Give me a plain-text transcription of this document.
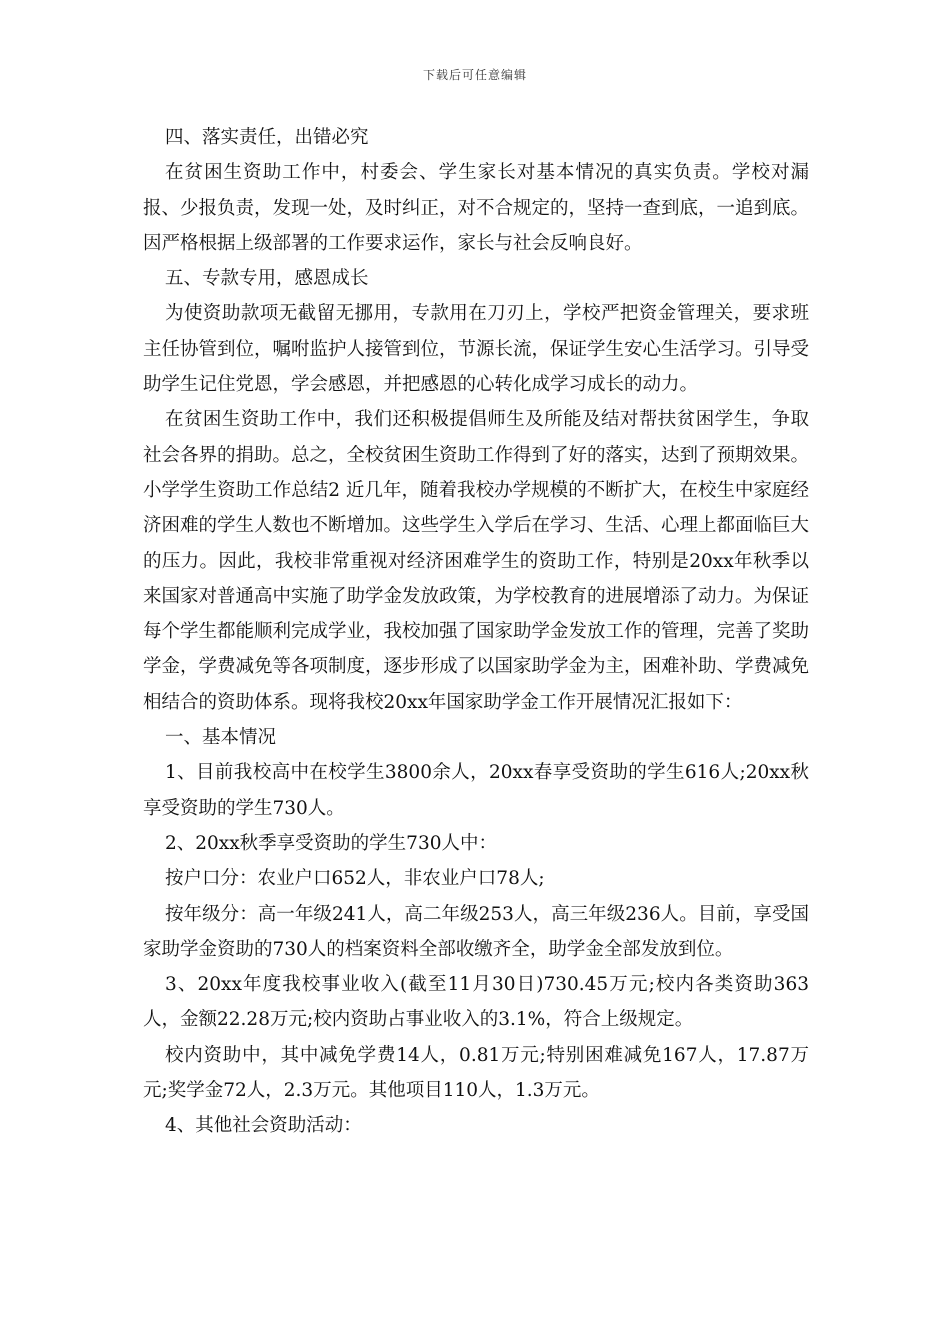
下载后可任意编辑

四、落实责任，出错必究

在贫困生资助工作中，村委会、学生家长对基本情况的真实负责。学校对漏报、少报负责，发现一处，及时纠正，对不合规定的，坚持一查到底，一追到底。因严格根据上级部署的工作要求运作，家长与社会反响良好。

五、专款专用，感恩成长

为使资助款项无截留无挪用，专款用在刀刃上，学校严把资金管理关，要求班主任协管到位，嘱咐监护人接管到位，节源长流，保证学生安心生活学习。引导受助学生记住党恩，学会感恩，并把感恩的心转化成学习成长的动力。

在贫困生资助工作中，我们还积极提倡师生及所能及结对帮扶贫困学生，争取社会各界的捐助。总之，全校贫困生资助工作得到了好的落实，达到了预期效果。 小学学生资助工作总结2 近几年，随着我校办学规模的不断扩大，在校生中家庭经济困难的学生人数也不断增加。这些学生入学后在学习、生活、心理上都面临巨大的压力。因此，我校非常重视对经济困难学生的资助工作，特别是20xx年秋季以来国家对普通高中实施了助学金发放政策，为学校教育的进展增添了动力。为保证每个学生都能顺利完成学业，我校加强了国家助学金发放工作的管理，完善了奖助学金，学费减免等各项制度，逐步形成了以国家助学金为主，困难补助、学费减免相结合的资助体系。现将我校20xx年国家助学金工作开展情况汇报如下：

一、基本情况

1、目前我校高中在校学生3800余人，20xx春享受资助的学生616人;20xx秋享受资助的学生730人。

2、20xx秋季享受资助的学生730人中：

按户口分：农业户口652人，非农业户口78人;

按年级分：高一年级241人，高二年级253人，高三年级236人。目前，享受国家助学金资助的730人的档案资料全部收缴齐全，助学金全部发放到位。

3、20xx年度我校事业收入(截至11月30日)730.45万元;校内各类资助363人，金额22.28万元;校内资助占事业收入的3.1%，符合上级规定。

校内资助中，其中减免学费14人，0.81万元;特别困难减免167人，17.87万元;奖学金72人，2.3万元。其他项目110人，1.3万元。

4、其他社会资助活动：
